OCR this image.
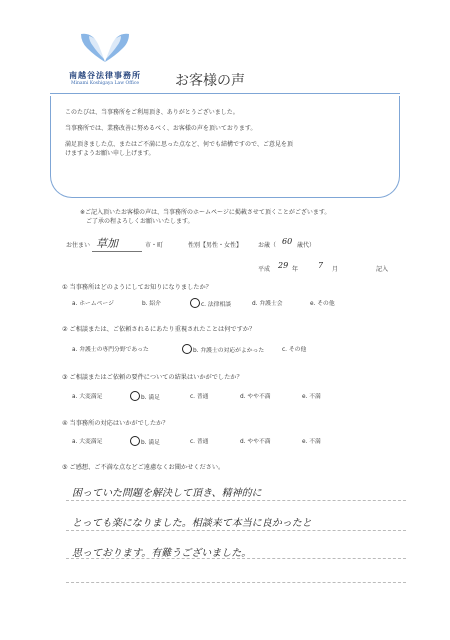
南越谷法律事務所
Minami Koshigaya Law Office	お客様の声

このたびは、当事務所をご利用頂き、ありがとうございました。

当事務所では、業務改善に努めるべく、お客様の声を頂いております。

満足頂きました点、またはご不満に思った点など、何でも結構ですので、ご意見を頂

けますようお願い申し上げます。

※ご記入頂いたお客様の声は、当事務所のホームページに掲載させて頂くことがございます。
ご了承の程よろしくお願いいたします。
お住まい 草加	市・町	性別【男性・女性】	お歳（ 60 歳代）
平成 29 年 7 月	記入
① 当事務所はどのようにしてお知りになりましたか？
a. ホームページ	b. 紹介	c. 法律相談	d. 弁護士会	e. その他
② ご相談または、ご依頼されるにあたり重視されたことは何ですか？
a. 弁護士の専門分野であった	b. 弁護士の対応がよかった	c. その他
③ ご相談またはご依頼の要件についての結果はいかがでしたか？
a. 大変満足	b. 満足	c. 普通	d. やや不満	e. 不満
④ 当事務所の対応はいかがでしたか？
a. 大変満足	b. 満足	c. 普通	d. やや不満	e. 不満
⑤ ご感想、ご不満な点などご遠慮なくお聞かせください。
困っていた問題を解決して頂き、精神的に
とっても楽になりました。相談来て本当に良かったと
思っております。有難うございました。
